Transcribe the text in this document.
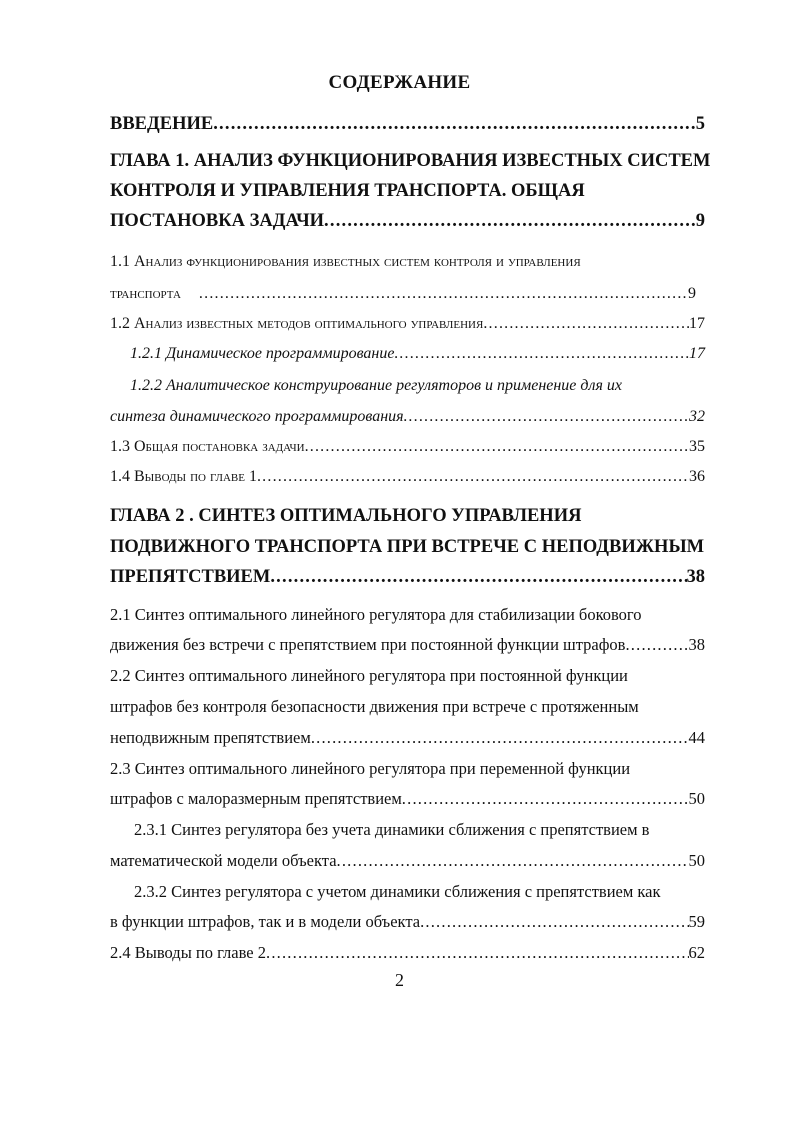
СОДЕРЖАНИЕ
ВВЕДЕНИЕ .....	5
ГЛАВА 1. АНАЛИЗ ФУНКЦИОНИРОВАНИЯ ИЗВЕСТНЫХ СИСТЕМ
КОНТРОЛЯ И УПРАВЛЕНИЯ ТРАНСПОРТА. ОБЩАЯ
ПОСТАНОВКА ЗАДАЧИ .....	9
1.1 Анализ функционирования известных систем контроля и управления
транспорта .....	9
1.2 Анализ известных методов оптимального управления .....	17
1.2.1 Динамическое программирование .....	17
1.2.2 Аналитическое конструирование регуляторов и применение для их
синтеза динамического программирования .....	32
1.3 Общая постановка задачи .....	35
1.4 Выводы по главе 1 .....	36
ГЛАВА 2 . СИНТЕЗ ОПТИМАЛЬНОГО УПРАВЛЕНИЯ
ПОДВИЖНОГО ТРАНСПОРТА ПРИ ВСТРЕЧЕ С НЕПОДВИЖНЫМ
ПРЕПЯТСТВИЕМ .....	38
2.1 Синтез оптимального линейного регулятора для стабилизации бокового
движения без встречи с препятствием при постоянной функции штрафов .....	38
2.2 Синтез оптимального линейного регулятора при постоянной функции
штрафов без контроля безопасности движения при встрече с протяженным
неподвижным препятствием .....	44
2.3 Синтез оптимального линейного регулятора при переменной функции
штрафов с малоразмерным препятствием .....	50
2.3.1 Синтез регулятора без учета динамики сближения с препятствием в
математической модели объекта .....	50
2.3.2 Синтез регулятора с учетом динамики сближения с препятствием как
в функции штрафов, так и в модели объекта .....	59
2.4 Выводы по главе 2 .....	62
2
